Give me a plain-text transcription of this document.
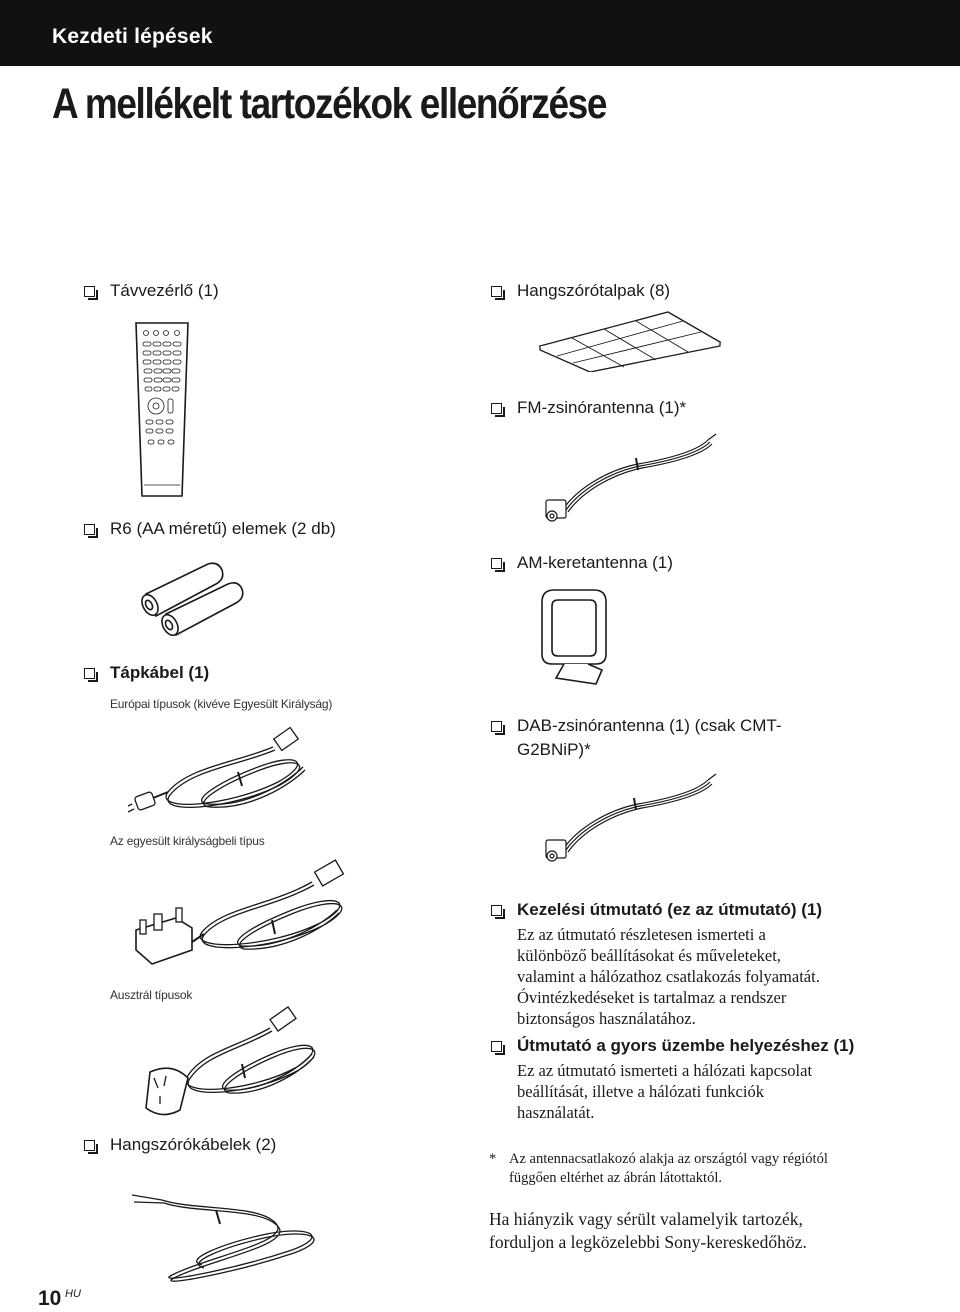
Kezdeti lépések
A mellékelt tartozékok ellenőrzése
Távvezérlő (1)
R6 (AA méretű) elemek (2 db)
Tápkábel (1)
Európai típusok (kivéve Egyesült Királyság)
Az egyesült királyságbeli típus
Ausztrál típusok
Hangszórókábelek (2)
Hangszórótalpak (8)
FM-zsinórantenna (1)*
AM-keretantenna (1)
DAB-zsinórantenna (1) (csak CMT-
G2BNiP)*
Kezelési útmutató (ez az útmutató) (1)
Ez az útmutató részletesen ismerteti a
különböző beállításokat és műveleteket,
valamint a hálózathoz csatlakozás folyamatát.
Óvintézkedéseket is tartalmaz a rendszer
biztonságos használatához.
Útmutató a gyors üzembe helyezéshez (1)
Ez az útmutató ismerteti a hálózati kapcsolat
beállítását, illetve a hálózati funkciók
használatát.
* Az antennacsatlakozó alakja az országtól vagy régiótól
függően eltérhet az ábrán látottaktól.
Ha hiányzik vagy sérült valamelyik tartozék,
forduljon a legközelebbi Sony-kereskedőhöz.
10 HU
